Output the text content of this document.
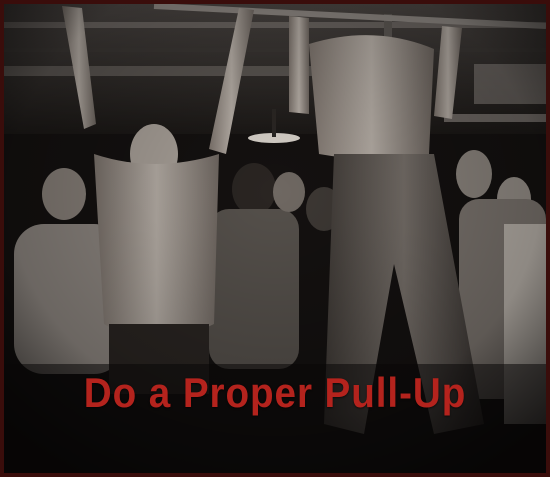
Do a Proper Pull-Up
